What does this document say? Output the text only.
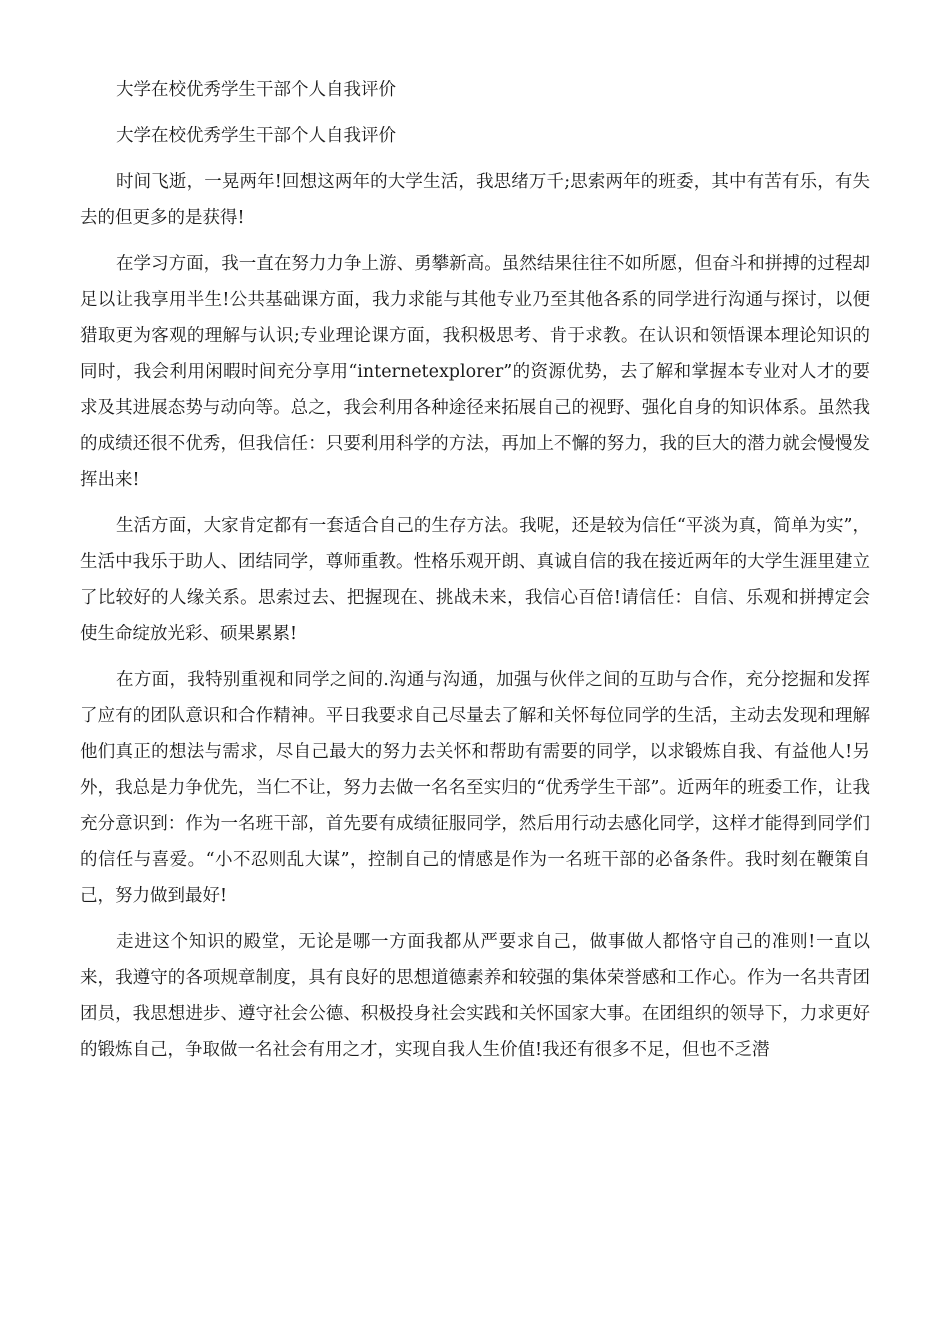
大学在校优秀学生干部个人自我评价

大学在校优秀学生干部个人自我评价

时间飞逝，一晃两年!回想这两年的大学生活，我思绪万千;思索两年的班委，其中有苦有乐，有失去的但更多的是获得!

在学习方面，我一直在努力力争上游、勇攀新高。虽然结果往往不如所愿，但奋斗和拼搏的过程却足以让我享用半生!公共基础课方面，我力求能与其他专业乃至其他各系的同学进行沟通与探讨，以便猎取更为客观的理解与认识;专业理论课方面，我积极思考、肯于求教。在认识和领悟课本理论知识的同时，我会利用闲暇时间充分享用“internetexplorer”的资源优势，去了解和掌握本专业对人才的要求及其进展态势与动向等。总之，我会利用各种途径来拓展自己的视野、强化自身的知识体系。虽然我的成绩还很不优秀，但我信任：只要利用科学的方法，再加上不懈的努力，我的巨大的潜力就会慢慢发挥出来!

生活方面，大家肯定都有一套适合自己的生存方法。我呢，还是较为信任“平淡为真，简单为实”，生活中我乐于助人、团结同学，尊师重教。性格乐观开朗、真诚自信的我在接近两年的大学生涯里建立了比较好的人缘关系。思索过去、把握现在、挑战未来，我信心百倍!请信任：自信、乐观和拼搏定会使生命绽放光彩、硕果累累!

在方面，我特别重视和同学之间的.沟通与沟通，加强与伙伴之间的互助与合作，充分挖掘和发挥了应有的团队意识和合作精神。平日我要求自己尽量去了解和关怀每位同学的生活，主动去发现和理解他们真正的想法与需求，尽自己最大的努力去关怀和帮助有需要的同学，以求锻炼自我、有益他人!另外，我总是力争优先，当仁不让，努力去做一名名至实归的“优秀学生干部”。近两年的班委工作，让我充分意识到：作为一名班干部，首先要有成绩征服同学，然后用行动去感化同学，这样才能得到同学们的信任与喜爱。“小不忍则乱大谋”，控制自己的情感是作为一名班干部的必备条件。我时刻在鞭策自己，努力做到最好!

走进这个知识的殿堂，无论是哪一方面我都从严要求自己，做事做人都恪守自己的准则!一直以来，我遵守的各项规章制度，具有良好的思想道德素养和较强的集体荣誉感和工作心。作为一名共青团团员，我思想进步、遵守社会公德、积极投身社会实践和关怀国家大事。在团组织的领导下，力求更好的锻炼自己，争取做一名社会有用之才，实现自我人生价值!我还有很多不足，但也不乏潜
